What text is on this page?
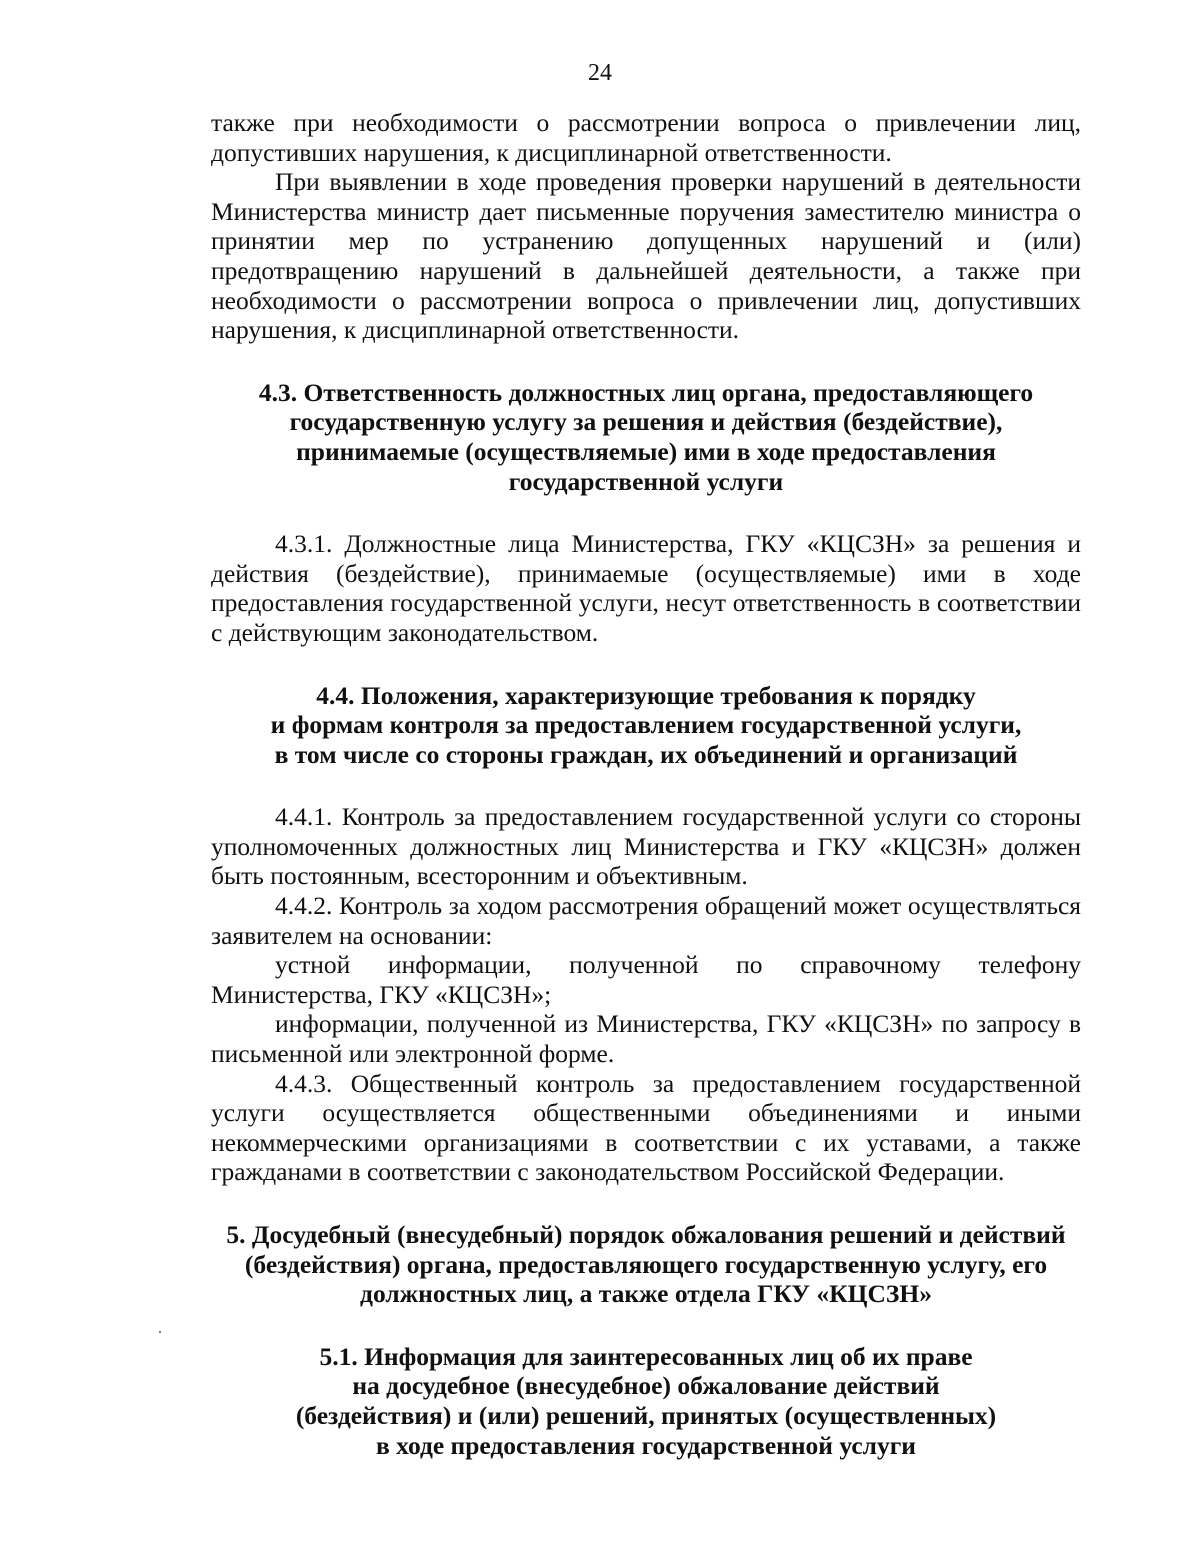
24

также при необходимости о рассмотрении вопроса о привлечении лиц, допустивших нарушения, к дисциплинарной ответственности.

При выявлении в ходе проведения проверки нарушений в деятельности Министерства министр дает письменные поручения заместителю министра о принятии мер по устранению допущенных нарушений и (или) предотвращению нарушений в дальнейшей деятельности, а также при необходимости о рассмотрении вопроса о привлечении лиц, допустивших нарушения, к дисциплинарной ответственности.

4.3. Ответственность должностных лиц органа, предоставляющего
государственную услугу за решения и действия (бездействие),
принимаемые (осуществляемые) ими в ходе предоставления
государственной услуги

4.3.1. Должностные лица Министерства, ГКУ «КЦСЗН» за решения и действия (бездействие), принимаемые (осуществляемые) ими в ходе предоставления государственной услуги, несут ответственность в соответствии с действующим законодательством.

4.4. Положения, характеризующие требования к порядку
и формам контроля за предоставлением государственной услуги,
в том числе со стороны граждан, их объединений и организаций

4.4.1. Контроль за предоставлением государственной услуги со стороны уполномоченных должностных лиц Министерства и ГКУ «КЦСЗН» должен быть постоянным, всесторонним и объективным.

4.4.2. Контроль за ходом рассмотрения обращений может осуществляться заявителем на основании:

устной информации, полученной по справочному телефону Министерства, ГКУ «КЦСЗН»;

информации, полученной из Министерства, ГКУ «КЦСЗН» по запросу в письменной или электронной форме.

4.4.3. Общественный контроль за предоставлением государственной услуги осуществляется общественными объединениями и иными некоммерческими организациями в соответствии с их уставами, а также гражданами в соответствии с законодательством Российской Федерации.

5. Досудебный (внесудебный) порядок обжалования решений и действий
(бездействия) органа, предоставляющего государственную услугу, его
должностных лиц, а также отдела ГКУ «КЦСЗН»
5.1. Информация для заинтересованных лиц об их праве
на досудебное (внесудебное) обжалование действий
(бездействия) и (или) решений, принятых (осуществленных)
в ходе предоставления государственной услуги
